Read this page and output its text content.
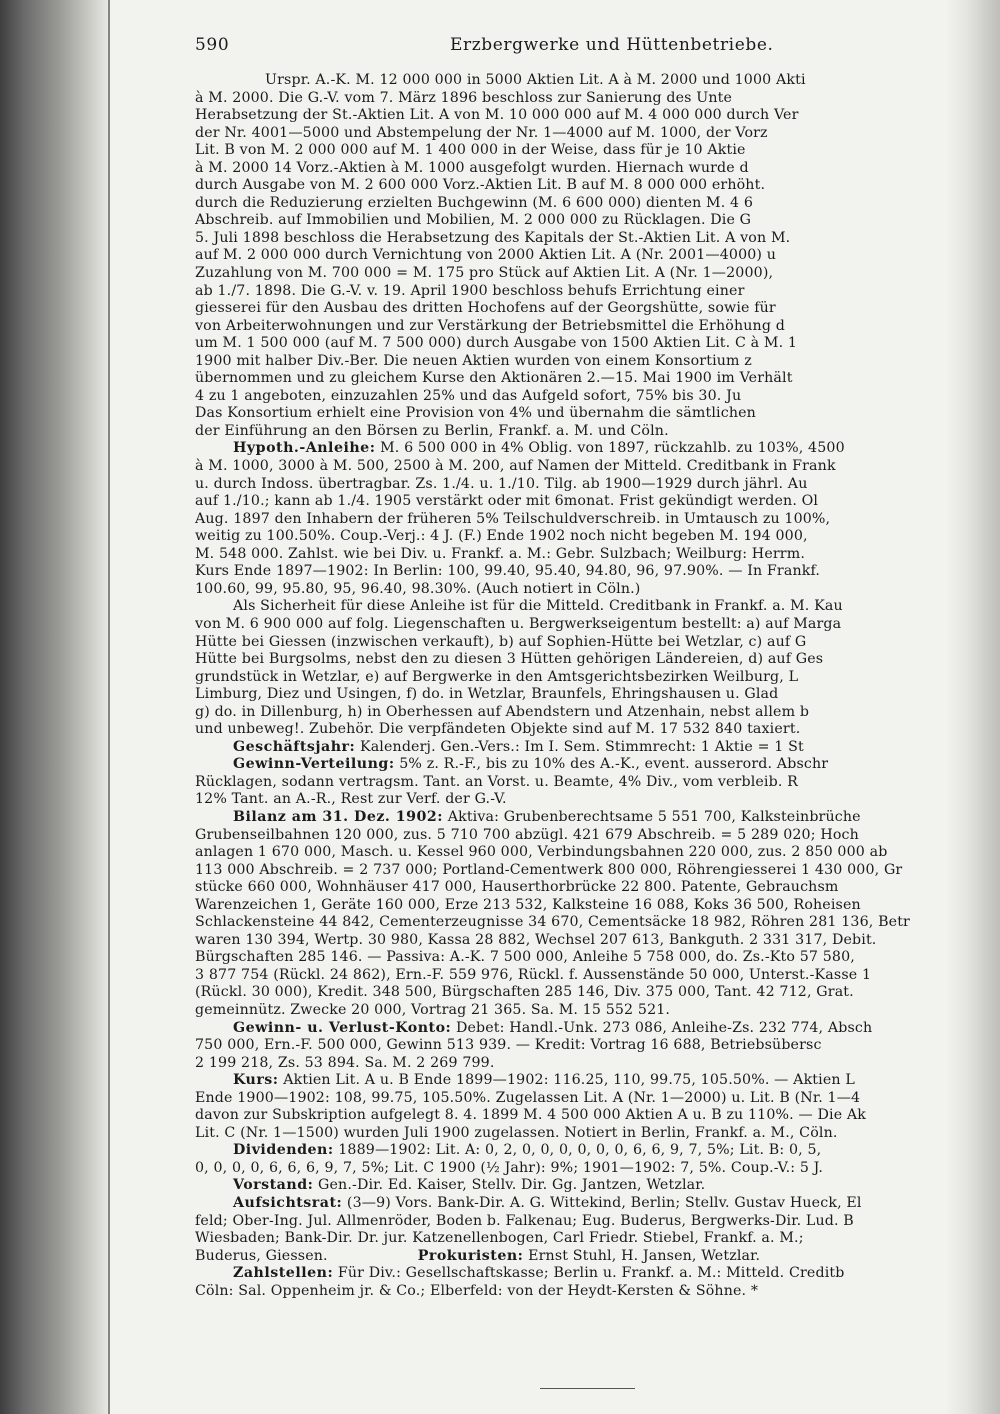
590	Erzbergwerke und Hüttenbetriebe.
Urspr. A.-K. M. 12 000 000 in 5000 Aktien Lit. A à M. 2000 und 1000 Akti
à M. 2000. Die G.-V. vom 7. März 1896 beschloss zur Sanierung des Unte
Herabsetzung der St.-Aktien Lit. A von M. 10 000 000 auf M. 4 000 000 durch Ver
der Nr. 4001—5000 und Abstempelung der Nr. 1—4000 auf M. 1000, der Vorz
Lit. B von M. 2 000 000 auf M. 1 400 000 in der Weise, dass für je 10 Aktie
à M. 2000 14 Vorz.-Aktien à M. 1000 ausgefolgt wurden. Hiernach wurde d
durch Ausgabe von M. 2 600 000 Vorz.-Aktien Lit. B auf M. 8 000 000 erhöht.
durch die Reduzierung erzielten Buchgewinn (M. 6 600 000) dienten M. 4 6
Abschreib. auf Immobilien und Mobilien, M. 2 000 000 zu Rücklagen. Die G
5. Juli 1898 beschloss die Herabsetzung des Kapitals der St.-Aktien Lit. A von M.
auf M. 2 000 000 durch Vernichtung von 2000 Aktien Lit. A (Nr. 2001—4000) u
Zuzahlung von M. 700 000 = M. 175 pro Stück auf Aktien Lit. A (Nr. 1—2000),
ab 1./7. 1898. Die G.-V. v. 19. April 1900 beschloss behufs Errichtung einer
giesserei für den Ausbau des dritten Hochofens auf der Georgshütte, sowie für
von Arbeiterwohnungen und zur Verstärkung der Betriebsmittel die Erhöhung d
um M. 1 500 000 (auf M. 7 500 000) durch Ausgabe von 1500 Aktien Lit. C à M. 1
1900 mit halber Div.-Ber. Die neuen Aktien wurden von einem Konsortium z
übernommen und zu gleichem Kurse den Aktionären 2.—15. Mai 1900 im Verhält
4 zu 1 angeboten, einzuzahlen 25% und das Aufgeld sofort, 75% bis 30. Ju
Das Konsortium erhielt eine Provision von 4% und übernahm die sämtlichen
der Einführung an den Börsen zu Berlin, Frankf. a. M. und Cöln.
Hypoth.-Anleihe: M. 6 500 000 in 4% Oblig. von 1897, rückzahlb. zu 103%, 4500
à M. 1000, 3000 à M. 500, 2500 à M. 200, auf Namen der Mitteld. Creditbank in Frank
u. durch Indoss. übertragbar. Zs. 1./4. u. 1./10. Tilg. ab 1900—1929 durch jährl. Au
auf 1./10.; kann ab 1./4. 1905 verstärkt oder mit 6monat. Frist gekündigt werden. Ol
Aug. 1897 den Inhabern der früheren 5% Teilschuldverschreib. in Umtausch zu 100%,
weitig zu 100.50%. Coup.-Verj.: 4 J. (F.) Ende 1902 noch nicht begeben M. 194 000,
M. 548 000. Zahlst. wie bei Div. u. Frankf. a. M.: Gebr. Sulzbach; Weilburg: Herrm.
Kurs Ende 1897—1902: In Berlin: 100, 99.40, 95.40, 94.80, 96, 97.90%. — In Frankf.
100.60, 99, 95.80, 95, 96.40, 98.30%. (Auch notiert in Cöln.)
Als Sicherheit für diese Anleihe ist für die Mitteld. Creditbank in Frankf. a. M. Kau
von M. 6 900 000 auf folg. Liegenschaften u. Bergwerkseigentum bestellt: a) auf Marga
Hütte bei Giessen (inzwischen verkauft), b) auf Sophien-Hütte bei Wetzlar, c) auf G
Hütte bei Burgsolms, nebst den zu diesen 3 Hütten gehörigen Ländereien, d) auf Ges
grundstück in Wetzlar, e) auf Bergwerke in den Amtsgerichtsbezirken Weilburg, L
Limburg, Diez und Usingen, f) do. in Wetzlar, Braunfels, Ehringshausen u. Glad
g) do. in Dillenburg, h) in Oberhessen auf Abendstern und Atzenhain, nebst allem b
und unbeweg!. Zubehör. Die verpfändeten Objekte sind auf M. 17 532 840 taxiert.
Geschäftsjahr: Kalenderj. Gen.-Vers.: Im I. Sem. Stimmrecht: 1 Aktie = 1 St
Gewinn-Verteilung: 5% z. R.-F., bis zu 10% des A.-K., event. ausserord. Abschr
Rücklagen, sodann vertragsm. Tant. an Vorst. u. Beamte, 4% Div., vom verbleib. R
12% Tant. an A.-R., Rest zur Verf. der G.-V.
Bilanz am 31. Dez. 1902: Aktiva: Grubenberechtsame 5 551 700, Kalksteinbrüche
Grubenseilbahnen 120 000, zus. 5 710 700 abzügl. 421 679 Abschreib. = 5 289 020; Hoch
anlagen 1 670 000, Masch. u. Kessel 960 000, Verbindungsbahnen 220 000, zus. 2 850 000 ab
113 000 Abschreib. = 2 737 000; Portland-Cementwerk 800 000, Röhrengiesserei 1 430 000, Gr
stücke 660 000, Wohnhäuser 417 000, Hauserthorbrücke 22 800. Patente, Gebrauchsm
Warenzeichen 1, Geräte 160 000, Erze 213 532, Kalksteine 16 088, Koks 36 500, Roheisen
Schlackensteine 44 842, Cementerzeugnisse 34 670, Cementsäcke 18 982, Röhren 281 136, Betr
waren 130 394, Wertp. 30 980, Kassa 28 882, Wechsel 207 613, Bankguth. 2 331 317, Debit.
Bürgschaften 285 146. — Passiva: A.-K. 7 500 000, Anleihe 5 758 000, do. Zs.-Kto 57 580,
3 877 754 (Rückl. 24 862), Ern.-F. 559 976, Rückl. f. Aussenstände 50 000, Unterst.-Kasse 1
(Rückl. 30 000), Kredit. 348 500, Bürgschaften 285 146, Div. 375 000, Tant. 42 712, Grat.
gemeinnütz. Zwecke 20 000, Vortrag 21 365. Sa. M. 15 552 521.
Gewinn- u. Verlust-Konto: Debet: Handl.-Unk. 273 086, Anleihe-Zs. 232 774, Absch
750 000, Ern.-F. 500 000, Gewinn 513 939. — Kredit: Vortrag 16 688, Betriebsübersc
2 199 218, Zs. 53 894. Sa. M. 2 269 799.
Kurs: Aktien Lit. A u. B Ende 1899—1902: 116.25, 110, 99.75, 105.50%. — Aktien L
Ende 1900—1902: 108, 99.75, 105.50%. Zugelassen Lit. A (Nr. 1—2000) u. Lit. B (Nr. 1—4
davon zur Subskription aufgelegt 8. 4. 1899 M. 4 500 000 Aktien A u. B zu 110%. — Die Ak
Lit. C (Nr. 1—1500) wurden Juli 1900 zugelassen. Notiert in Berlin, Frankf. a. M., Cöln.
Dividenden: 1889—1902: Lit. A: 0, 2, 0, 0, 0, 0, 0, 0, 6, 6, 9, 7, 5%; Lit. B: 0, 5,
0, 0, 0, 0, 6, 6, 6, 9, 7, 5%; Lit. C 1900 (½ Jahr): 9%; 1901—1902: 7, 5%. Coup.-V.: 5 J.
Vorstand: Gen.-Dir. Ed. Kaiser, Stellv. Dir. Gg. Jantzen, Wetzlar.
Aufsichtsrat: (3—9) Vors. Bank-Dir. A. G. Wittekind, Berlin; Stellv. Gustav Hueck, El
feld; Ober-Ing. Jul. Allmenröder, Boden b. Falkenau; Eug. Buderus, Bergwerks-Dir. Lud. B
Wiesbaden; Bank-Dir. Dr. jur. Katzenellenbogen, Carl Friedr. Stiebel, Frankf. a. M.;
Buderus, Giessen.	Prokuristen: Ernst Stuhl, H. Jansen, Wetzlar.
Zahlstellen: Für Div.: Gesellschaftskasse; Berlin u. Frankf. a. M.: Mitteld. Creditb
Cöln: Sal. Oppenheim jr. & Co.; Elberfeld: von der Heydt-Kersten & Söhne. *
